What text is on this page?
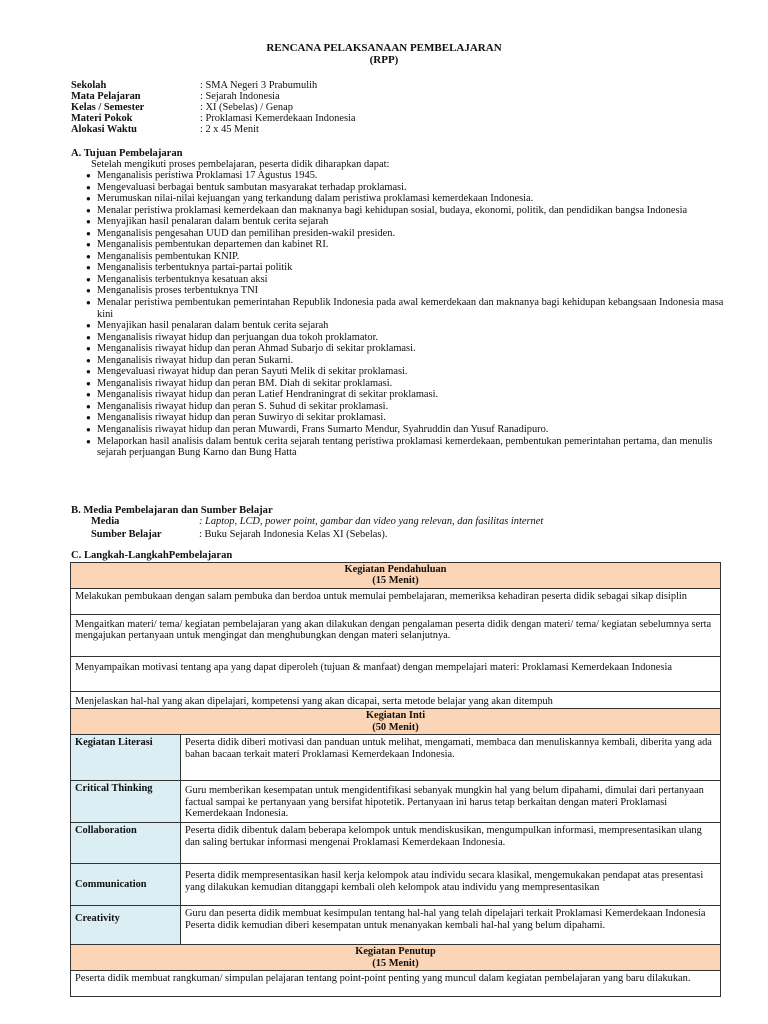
RENCANA PELAKSANAAN PEMBELAJARAN
(RPP)
Sekolah	: SMA Negeri 3 Prabumulih
Mata Pelajaran	: Sejarah Indonesia
Kelas / Semester	: XI (Sebelas) / Genap
Materi Pokok	: Proklamasi Kemerdekaan Indonesia
Alokasi Waktu	: 2 x 45 Menit
A. Tujuan Pembelajaran
Setelah mengikuti proses pembelajaran, peserta didik diharapkan dapat:
● Menganalisis peristiwa Proklamasi 17 Agustus 1945.
● Mengevaluasi berbagai bentuk sambutan masyarakat terhadap proklamasi.
● Merumuskan nilai-nilai kejuangan yang terkandung dalam peristiwa proklamasi kemerdekaan Indonesia.
● Menalar peristiwa proklamasi kemerdekaan dan maknanya bagi kehidupan sosial, budaya, ekonomi, politik, dan pendidikan bangsa Indonesia
● Menyajikan hasil penalaran dalam bentuk cerita sejarah
● Menganalisis pengesahan UUD dan pemilihan presiden-wakil presiden.
● Menganalisis pembentukan departemen dan kabinet RI.
● Menganalisis pembentukan KNIP.
● Menganalisis terbentuknya partai-partai politik
● Menganalisis terbentuknya kesatuan aksi
● Menganalisis proses terbentuknya TNI
● Menalar peristiwa pembentukan pemerintahan Republik Indonesia pada awal kemerdekaan dan maknanya bagi kehidupan kebangsaan Indonesia masa kini
● Menyajikan hasil penalaran dalam bentuk cerita sejarah
● Menganalisis riwayat hidup dan perjuangan dua tokoh proklamator.
● Menganalisis riwayat hidup dan peran Ahmad Subarjo di sekitar proklamasi.
● Menganalisis riwayat hidup dan peran Sukarni.
● Mengevaluasi riwayat hidup dan peran Sayuti Melik di sekitar proklamasi.
● Menganalisis riwayat hidup dan peran BM. Diah di sekitar proklamasi.
● Menganalisis riwayat hidup dan peran Latief Hendraningrat di sekitar proklamasi.
● Menganalisis riwayat hidup dan peran S. Suhud di sekitar proklamasi.
● Menganalisis riwayat hidup dan peran Suwiryo di sekitar proklamasi.
● Menganalisis riwayat hidup dan peran Muwardi, Frans Sumarto Mendur, Syahruddin dan Yusuf Ranadipuro.
● Melaporkan hasil analisis dalam bentuk cerita sejarah tentang peristiwa proklamasi kemerdekaan, pembentukan pemerintahan pertama, dan menulis sejarah perjuangan Bung Karno dan Bung Hatta
B. Media Pembelajaran dan Sumber Belajar
Media	: Laptop, LCD, power point, gambar dan video yang relevan, dan fasilitas internet
Sumber Belajar	: Buku Sejarah Indonesia Kelas XI (Sebelas).
C. Langkah-LangkahPembelajaran
Kegiatan Pendahuluan
(15 Menit)	

Melakukan pembukaan dengan salam pembuka dan berdoa untuk memulai pembelajaran, memeriksa kehadiran peserta didik sebagai sikap disiplin	
Mengaitkan materi/ tema/ kegiatan pembelajaran yang akan dilakukan dengan pengalaman peserta didik dengan materi/ tema/ kegiatan sebelumnya serta mengajukan pertanyaan untuk mengingat dan menghubungkan dengan materi selanjutnya.	
Menyampaikan motivasi tentang apa yang dapat diperoleh (tujuan & manfaat) dengan mempelajari materi: Proklamasi Kemerdekaan Indonesia	
Menjelaskan hal-hal yang akan dipelajari, kompetensi yang akan dicapai, serta metode belajar yang akan ditempuh	

Kegiatan Inti
(50 Menit)	

Kegiatan Literasi	Peserta didik diberi motivasi dan panduan untuk melihat, mengamati, membaca dan menuliskannya kembali, diberita yang ada bahan bacaan terkait materi Proklamasi Kemerdekaan Indonesia.
Critical Thinking	Guru memberikan kesempatan untuk mengidentifikasi sebanyak mungkin hal yang belum dipahami, dimulai dari pertanyaan factual sampai ke pertanyaan yang bersifat hipotetik. Pertanyaan ini harus tetap berkaitan dengan materi Proklamasi Kemerdekaan Indonesia.
Collaboration	Peserta didik dibentuk dalam beberapa kelompok untuk mendiskusikan, mengumpulkan informasi, mempresentasikan ulang dan saling bertukar informasi mengenai Proklamasi Kemerdekaan Indonesia.
Communication	Peserta didik mempresentasikan hasil kerja kelompok atau individu secara klasikal, mengemukakan pendapat atas presentasi yang dilakukan kemudian ditanggapi kembali oleh kelompok atau individu yang mempresentasikan
Creativity	Guru dan peserta didik membuat kesimpulan tentang hal-hal yang telah dipelajari terkait Proklamasi Kemerdekaan Indonesia Peserta didik kemudian diberi kesempatan untuk menanyakan kembali hal-hal yang belum dipahami.

Kegiatan Penutup
(15 Menit)	

Peserta didik membuat rangkuman/ simpulan pelajaran tentang point-point penting yang muncul dalam kegiatan pembelajaran yang baru dilakukan.	
